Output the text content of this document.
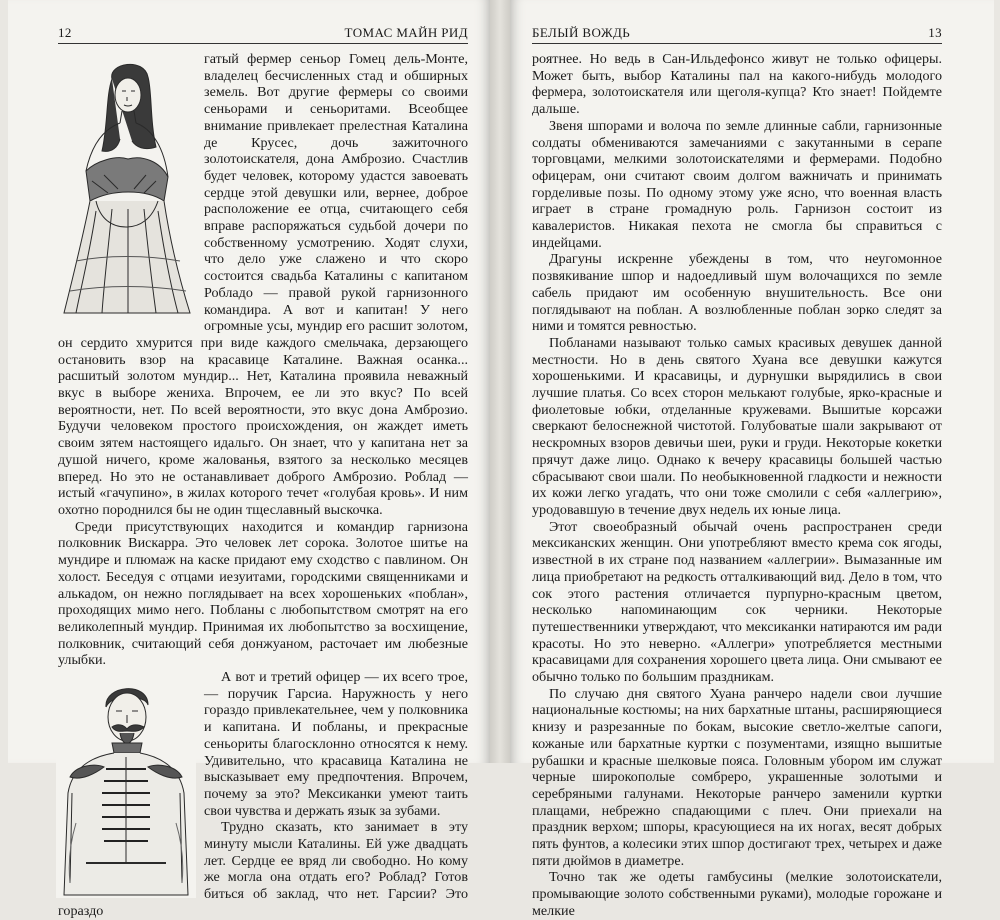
12	ТОМАС МАЙН РИД

гатый фермер сеньор Гомец дель-Монте, владелец бесчисленных стад и обширных земель. Вот другие фермеры со своими сеньорами и сеньоритами. Всеобщее внимание привлекает прелестная Каталина де Крусес, дочь зажиточного золотоискателя, дона Амброзио. Счастлив будет человек, которому удастся завоевать сердце этой девушки или, вернее, доброе расположение ее отца, считающего себя вправе распоряжаться судьбой дочери по собственному усмотрению. Ходят слухи, что дело уже слажено и что скоро состоится свадьба Каталины с капитаном Робладо — правой рукой гарнизонного командира. А вот и капитан! У него огромные усы, мундир его расшит золотом, он сердито хмурится при виде каждого смельчака, дерзающего остановить взор на красавице Каталине. Важная осанка... расшитый золотом мундир... Нет, Каталина проявила неважный вкус в выборе жениха. Впрочем, ее ли это вкус? По всей вероятности, нет. По всей вероятности, это вкус дона Амброзио. Будучи человеком простого происхождения, он жаждет иметь своим зятем настоящего идальго. Он знает, что у капитана нет за душой ничего, кроме жалованья, взятого за несколько месяцев вперед. Но это не останавливает доброго Амброзио. Роблад — истый «гачупино», в жилах которого течет «голубая кровь». И ним охотно породнился бы не один тщеславный выскочка.

Среди присутствующих находится и командир гарнизона полковник Вискарра. Это человек лет сорока. Золотое шитье на мундире и плюмаж на каске придают ему сходство с павлином. Он холост. Беседуя с отцами иезуитами, городскими священниками и алькадом, он нежно поглядывает на всех хорошеньких «поблан», проходящих мимо него. Побланы с любопытством смотрят на его великолепный мундир. Принимая их любопытство за восхищение, полковник, считающий себя донжуаном, расточает им любезные улыбки.

А вот и третий офицер — их всего трое, — поручик Гарсиа. Наружность у него гораздо привлекательнее, чем у полковника и капитана. И побланы, и прекрасные сеньориты благосклонно относятся к нему. Удивительно, что красавица Каталина не высказывает ему предпочтения. Впрочем, почему за это? Мексиканки умеют таить свои чувства и держать язык за зубами.

Трудно сказать, кто занимает в эту минуту мысли Каталины. Ей уже двадцать лет. Сердце ее вряд ли свободно. Но кому же могла она отдать его? Роблад? Готов биться об заклад, что нет. Гарсии? Это гораздо

БЕЛЫЙ ВОЖДЬ	13

роятнее. Но ведь в Сан-Ильдефонсо живут не только офицеры. Может быть, выбор Каталины пал на какого-нибудь молодого фермера, золотоискателя или щеголя-купца? Кто знает! Пойдемте дальше.

Звеня шпорами и волоча по земле длинные сабли, гарнизонные солдаты обмениваются замечаниями с закутанными в серапе торговцами, мелкими золотоискателями и фермерами. Подобно офицерам, они считают своим долгом важничать и принимать горделивые позы. По одному этому уже ясно, что военная власть играет в стране громадную роль. Гарнизон состоит из кавалеристов. Никакая пехота не смогла бы справиться с индейцами.

Драгуны искренне убеждены в том, что неугомонное позвякивание шпор и надоедливый шум волочащихся по земле сабель придают им особенную внушительность. Все они поглядывают на поблан. А возлюбленные поблан зорко следят за ними и томятся ревностью.

Побланами называют только самых красивых девушек данной местности. Но в день святого Хуана все девушки кажутся хорошенькими. И красавицы, и дурнушки вырядились в свои лучшие платья. Со всех сторон мелькают голубые, ярко-красные и фиолетовые юбки, отделанные кружевами. Вышитые корсажи сверкают белоснежной чистотой. Голубоватые шали закрывают от нескромных взоров девичьи шеи, руки и груди. Некоторые кокетки прячут даже лицо. Однако к вечеру красавицы большей частью сбрасывают свои шали. По необыкновенной гладкости и нежности их кожи легко угадать, что они тоже смолили с себя «аллегрию», уродовавшую в течение двух недель их юные лица.

Этот своеобразный обычай очень распространен среди мексиканских женщин. Они употребляют вместо крема сок ягоды, известной в их стране под названием «аллегрии». Вымазанные им лица приобретают на редкость отталкивающий вид. Дело в том, что сок этого растения отличается пурпурно-красным цветом, несколько напоминающим сок черники. Некоторые путешественники утверждают, что мексиканки натираются им ради красоты. Но это неверно. «Аллегри» употребляется местными красавицами для сохранения хорошего цвета лица. Они смывают ее обычно только по большим праздникам.

По случаю дня святого Хуана ранчеро надели свои лучшие национальные костюмы; на них бархатные штаны, расширяющиеся книзу и разрезанные по бокам, высокие светло-желтые сапоги, кожаные или бархатные куртки с позументами, изящно вышитые рубашки и красные шелковые пояса. Головным убором им служат черные широкополые сомбреро, украшенные золотыми и серебряными галунами. Некоторые ранчеро заменили куртки плащами, небрежно спадающими с плеч. Они приехали на праздник верхом; шпоры, красующиеся на их ногах, весят добрых пять фунтов, а колесики этих шпор достигают трех, четырех и даже пяти дюймов в диаметре.

Точно так же одеты гамбусины (мелкие золотоискатели, промывающие золото собственными руками), молодые горожане и мелкие
